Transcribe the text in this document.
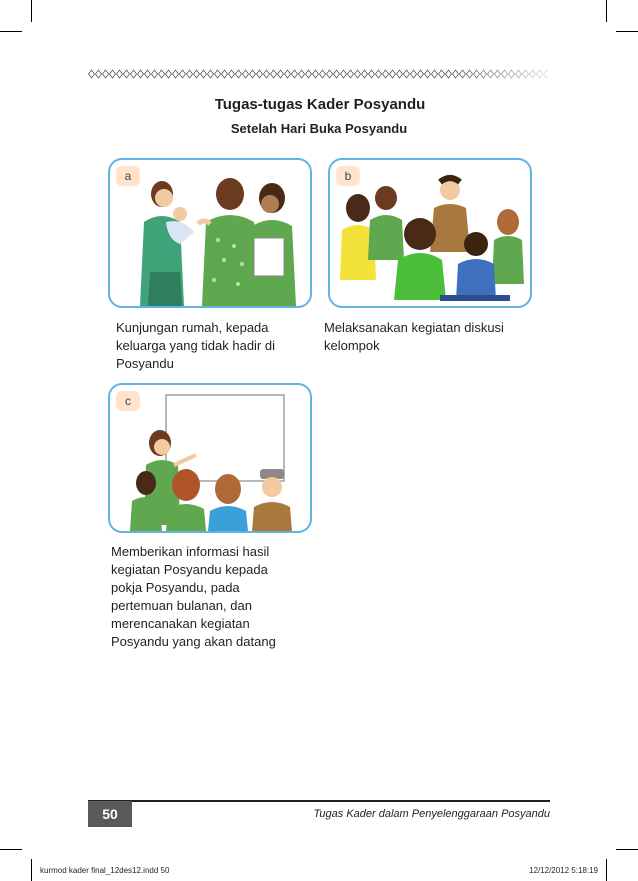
Tugas-tugas Kader Posyandu
Setelah Hari Buka Posyandu
a	b
Kunjungan rumah, kepada
keluarga yang tidak hadir di
Posyandu
Melaksanakan kegiatan diskusi
kelompok
c
Memberikan informasi hasil
kegiatan Posyandu kepada
pokja Posyandu, pada
pertemuan bulanan, dan
merencanakan kegiatan
Posyandu yang akan datang
50	Tugas Kader dalam Penyelenggaraan Posyandu
kurmod kader final_12des12.indd 50	12/12/2012 5:18:19
